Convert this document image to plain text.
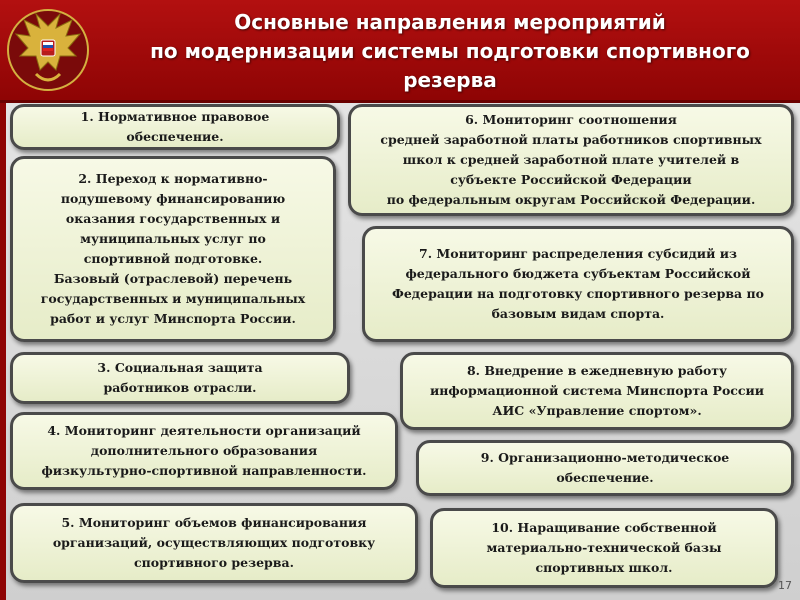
Основные направления мероприятий
по модернизации системы подготовки спортивного
резерва
1. Нормативное правовое
обеспечение.
2. Переход к нормативно-
подушевому финансированию
оказания государственных и
муниципальных услуг по
спортивной подготовке.
Базовый (отраслевой) перечень
государственных и муниципальных
работ и услуг Минспорта России.
3. Социальная защита
работников отрасли.
4. Мониторинг деятельности организаций
дополнительного образования
физкультурно-спортивной направленности.
5. Мониторинг объемов финансирования
организаций, осуществляющих подготовку
спортивного резерва.
6. Мониторинг соотношения
средней заработной платы работников спортивных
школ к средней заработной плате учителей в
субъекте Российской Федерации
по федеральным округам Российской Федерации.
7. Мониторинг распределения субсидий из
федерального бюджета субъектам Российской
Федерации на подготовку спортивного резерва по
базовым видам спорта.
8. Внедрение в ежедневную работу
информационной система Минспорта России
АИС «Управление спортом».
9. Организационно-методическое
обеспечение.
10. Наращивание собственной
материально-технической базы
спортивных школ.
17
